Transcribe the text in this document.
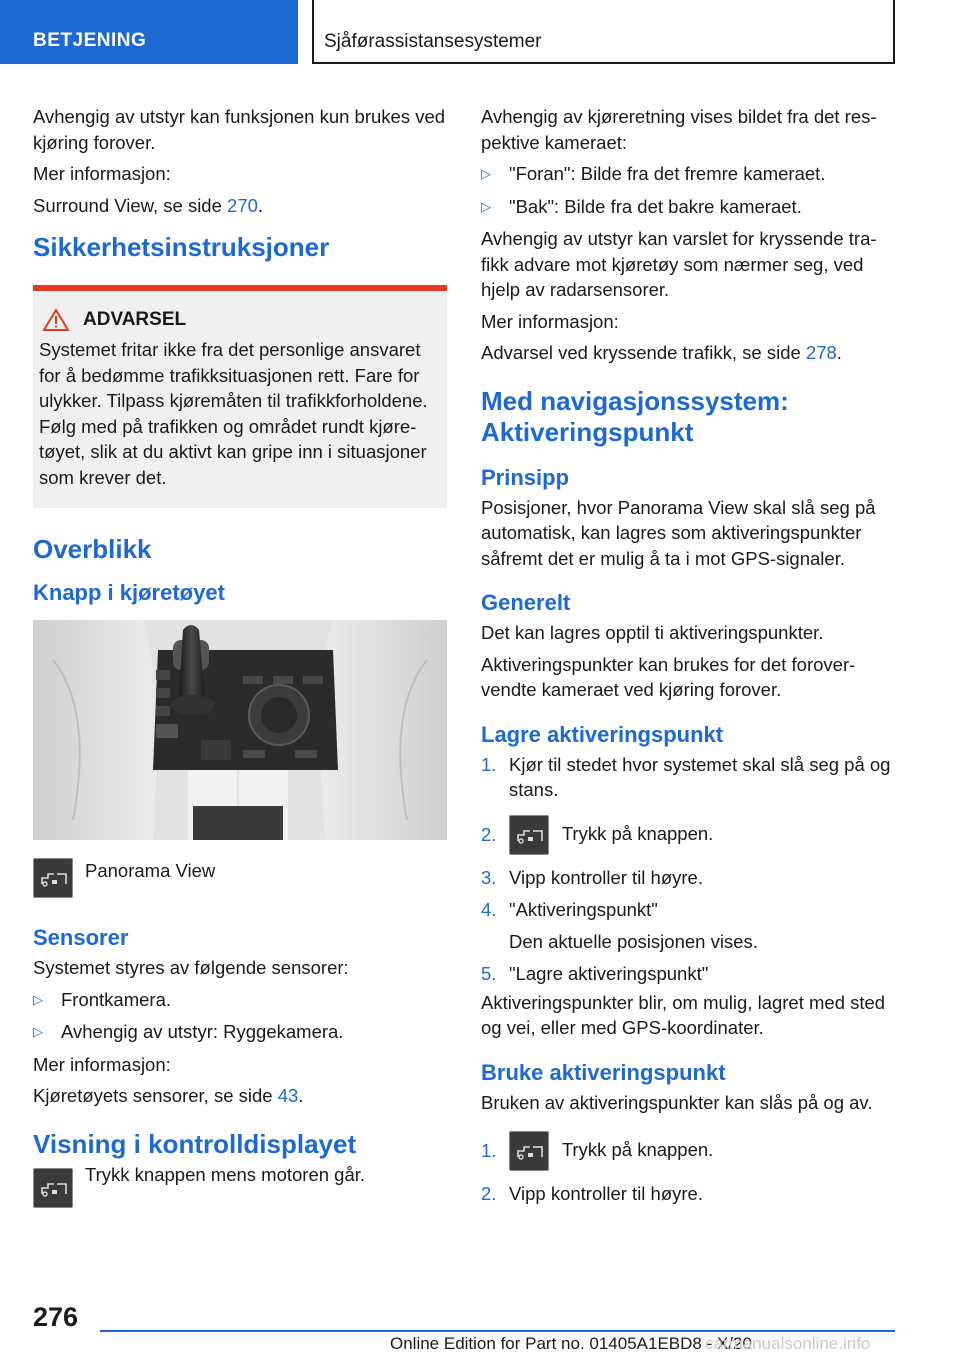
BETJENING	Sjåførassistansesystemer

Avhengig av utstyr kan funksjonen kun brukes ved kjøring forover.

Mer informasjon:

Surround View, se side 270.

Sikkerhetsinstruksjoner
ADVARSEL

Systemet fritar ikke fra det personlige ansvaret for å bedømme trafikksituasjonen rett. Fare for ulykker. Tilpass kjøremåten til trafikkforholdene. Følg med på trafikken og området rundt kjøre‐tøyet, slik at du aktivt kan gripe inn i situasjoner som krever det.

Overblikk
Knapp i kjøretøyet
Panorama View
Sensorer

Systemet styres av følgende sensorer:

▷ Frontkamera.
▷ Avhengig av utstyr: Ryggekamera.

Mer informasjon:

Kjøretøyets sensorer, se side 43.

Visning i kontrolldisplayet
Trykk knappen mens motoren går.

Avhengig av kjøreretning vises bildet fra det res‐pektive kameraet:

▷ "Foran": Bilde fra det fremre kameraet.
▷ "Bak": Bilde fra det bakre kameraet.

Avhengig av utstyr kan varslet for kryssende tra‐fikk advare mot kjøretøy som nærmer seg, ved hjelp av radarsensorer.

Mer informasjon:

Advarsel ved kryssende trafikk, se side 278.

Med navigasjonssystem: Aktiveringspunkt
Prinsipp

Posisjoner, hvor Panorama View skal slå seg på automatisk, kan lagres som aktiveringspunkter såfremt det er mulig å ta i mot GPS-signaler.

Generelt

Det kan lagres opptil ti aktiveringspunkter.

Aktiveringspunkter kan brukes for det forover‐vendte kameraet ved kjøring forover.

Lagre aktiveringspunkt
1. Kjør til stedet hvor systemet skal slå seg på og stans.
2.	Trykk på knappen.
3. Vipp kontroller til høyre.
4. "Aktiveringspunkt"
Den aktuelle posisjonen vises.
5. "Lagre aktiveringspunkt"

Aktiveringspunkter blir, om mulig, lagret med sted og vei, eller med GPS-koordinater.

Bruke aktiveringspunkt

Bruken av aktiveringspunkter kan slås på og av.

1.	Trykk på knappen.
2. Vipp kontroller til høyre.
276
Online Edition for Part no. 01405A1EBD8 - X/20
carmanualsonline.info
